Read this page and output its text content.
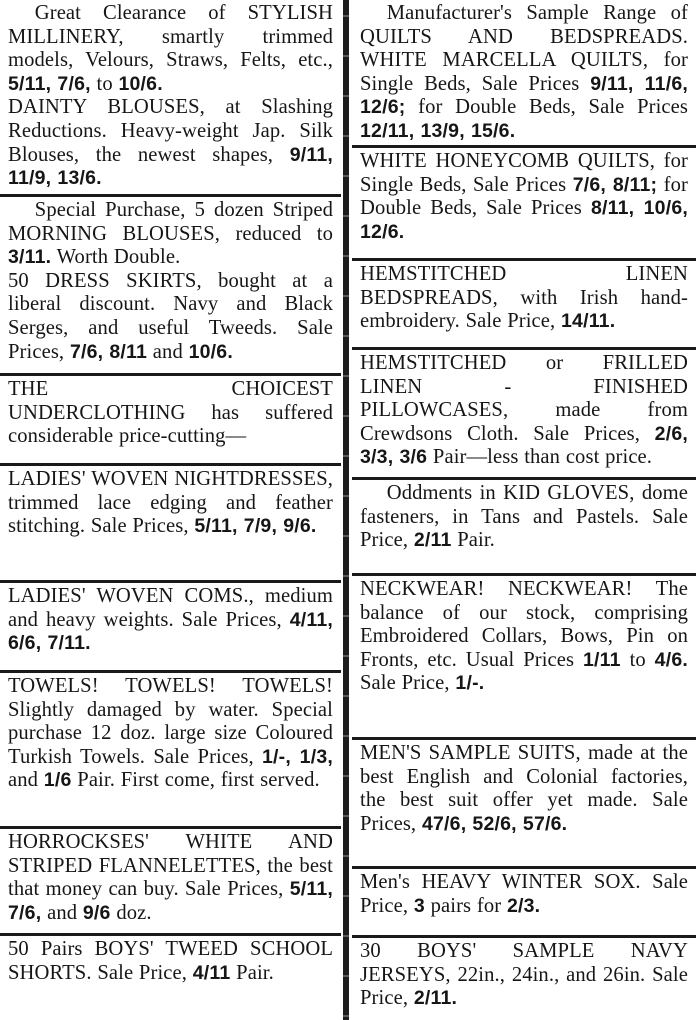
Great Clearance of STYLISH MILLINERY, smartly trimmed models, Velours, Straws, Felts, etc., 5/11, 7/6, to 10/6.

DAINTY BLOUSES, at Slashing Reductions. Heavy-weight Jap. Silk Blouses, the newest shapes, 9/11, 11/9, 13/6.

Special Purchase, 5 dozen Striped MORNING BLOUSES, reduced to 3/11. Worth Double.

50 DRESS SKIRTS, bought at a liberal discount. Navy and Black Serges, and useful Tweeds. Sale Prices, 7/6, 8/11 and 10/6.

THE CHOICEST UNDERCLOTHING has suffered considerable price-cutting—

LADIES' WOVEN NIGHTDRESSES, trimmed lace edging and feather stitching. Sale Prices, 5/11, 7/9, 9/6.

LADIES' WOVEN COMS., medium and heavy weights. Sale Prices, 4/11, 6/6, 7/11.

TOWELS! TOWELS! TOWELS! Slightly damaged by water. Special purchase 12 doz. large size Coloured Turkish Towels. Sale Prices, 1/-, 1/3, and 1/6 Pair. First come, first served.

HORROCKSES' WHITE AND STRIPED FLANNELETTES, the best that money can buy. Sale Prices, 5/11, 7/6, and 9/6 doz.

50 Pairs BOYS' TWEED SCHOOL SHORTS. Sale Price, 4/11 Pair.

Manufacturer's Sample Range of QUILTS AND BEDSPREADS. WHITE MARCELLA QUILTS, for Single Beds, Sale Prices 9/11, 11/6, 12/6; for Double Beds, Sale Prices 12/11, 13/9, 15/6.

WHITE HONEYCOMB QUILTS, for Single Beds, Sale Prices 7/6, 8/11; for Double Beds, Sale Prices 8/11, 10/6, 12/6.

HEMSTITCHED LINEN BEDSPREADS, with Irish hand-embroidery. Sale Price, 14/11.

HEMSTITCHED or FRILLED LINEN - FINISHED PILLOWCASES, made from Crewdsons Cloth. Sale Prices, 2/6, 3/3, 3/6 Pair—less than cost price.

Oddments in KID GLOVES, dome fasteners, in Tans and Pastels. Sale Price, 2/11 Pair.

NECKWEAR! NECKWEAR! The balance of our stock, comprising Embroidered Collars, Bows, Pin on Fronts, etc. Usual Prices 1/11 to 4/6. Sale Price, 1/-.

MEN'S SAMPLE SUITS, made at the best English and Colonial factories, the best suit offer yet made. Sale Prices, 47/6, 52/6, 57/6.

Men's HEAVY WINTER SOX. Sale Price, 3 pairs for 2/3.

30 BOYS' SAMPLE NAVY JERSEYS, 22in., 24in., and 26in. Sale Price, 2/11.
